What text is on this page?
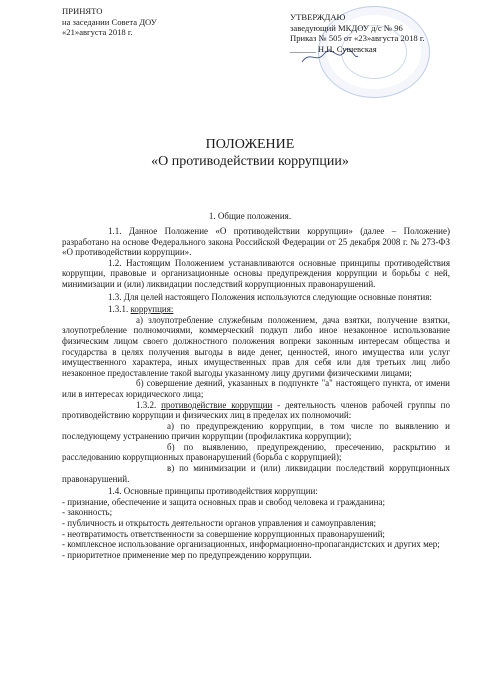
ПРИНЯТО
на заседании Совета ДОУ
«21»августа 2018 г.
УТВЕРЖДАЮ
заведующий МКДОУ д/с № 96
Приказ № 505 от «23»августа 2018 г.
______ Н.Н. Сушевская
ПОЛОЖЕНИЕ
«О противодействии коррупции»
1. Общие положения.

1.1. Данное Положение «О противодействии коррупции» (далее – Положение) разработано на основе Федерального закона Российской Федерации от 25 декабря 2008 г. № 273-ФЗ «О противодействии коррупции».

1.2. Настоящим Положением устанавливаются основные принципы противодействия коррупции, правовые и организационные основы предупреждения коррупции и борьбы с ней, минимизации и (или) ликвидации последствий коррупционных правонарушений.

1.3. Для целей настоящего Положения используются следующие основные понятия:

1.3.1. коррупция:

а) злоупотребление служебным положением, дача взятки, получение взятки, злоупотребление полномочиями, коммерческий подкуп либо иное незаконное использование физическим лицом своего должностного положения вопреки законным интересам общества и государства в целях получения выгоды в виде денег, ценностей, иного имущества или услуг имущественного характера, иных имущественных прав для себя или для третьих лиц либо незаконное предоставление такой выгоды указанному лицу другими физическими лицами;

б) совершение деяний, указанных в подпункте "а" настоящего пункта, от имени или в интересах юридического лица;

1.3.2. противодействие коррупции - деятельность членов рабочей группы по противодействию коррупции и физических лиц в пределах их полномочий:

а) по предупреждению коррупции, в том числе по выявлению и последующему устранению причин коррупции (профилактика коррупции);

б) по выявлению, предупреждению, пресечению, раскрытию и расследованию коррупционных правонарушений (борьба с коррупцией);

в) по минимизации и (или) ликвидации последствий коррупционных правонарушений.

1.4. Основные принципы противодействия коррупции:

- признание, обеспечение и защита основных прав и свобод человека и гражданина;

- законность;

- публичность и открытость деятельности органов управления и самоуправления;

- неотвратимость ответственности за совершение коррупционных правонарушений;

- комплексное использование организационных, информационно-пропагандистских и других мер;

- приоритетное применение мер по предупреждению коррупции.
